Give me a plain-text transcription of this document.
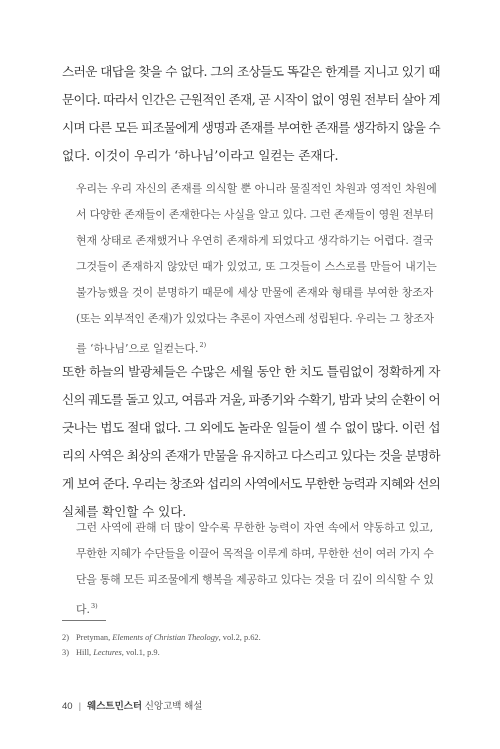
스러운 대답을 찾을 수 없다. 그의 조상들도 똑같은 한계를 지니고 있기 때
문이다. 따라서 인간은 근원적인 존재, 곧 시작이 없이 영원 전부터 살아 계
시며 다른 모든 피조물에게 생명과 존재를 부여한 존재를 생각하지 않을 수
없다. 이것이 우리가 ‘하나님’이라고 일컫는 존재다.
우리는 우리 자신의 존재를 의식할 뿐 아니라 물질적인 차원과 영적인 차원에
서 다양한 존재들이 존재한다는 사실을 알고 있다. 그런 존재들이 영원 전부터
현재 상태로 존재했거나 우연히 존재하게 되었다고 생각하기는 어렵다. 결국
그것들이 존재하지 않았던 때가 있었고, 또 그것들이 스스로를 만들어 내기는
불가능했을 것이 분명하기 때문에 세상 만물에 존재와 형태를 부여한 창조자
(또는 외부적인 존재)가 있었다는 추론이 자연스레 성립된다. 우리는 그 창조자
를 ‘하나님’으로 일컫는다.$^{2)}$
또한 하늘의 발광체들은 수많은 세월 동안 한 치도 틀림없이 정확하게 자
신의 궤도를 돌고 있고, 여름과 겨울, 파종기와 수확기, 밤과 낮의 순환이 어
긋나는 법도 절대 없다. 그 외에도 놀라운 일들이 셀 수 없이 많다. 이런 섭
리의 사역은 최상의 존재가 만물을 유지하고 다스리고 있다는 것을 분명하
게 보여 준다. 우리는 창조와 섭리의 사역에서도 무한한 능력과 지혜와 선의
실체를 확인할 수 있다.
그런 사역에 관해 더 많이 알수록 무한한 능력이 자연 속에서 약동하고 있고,
무한한 지혜가 수단들을 이끌어 목적을 이루게 하며, 무한한 선이 여러 가지 수
단을 통해 모든 피조물에게 행복을 제공하고 있다는 것을 더 깊이 의식할 수 있
다.$^{3)}$
2) Pretyman, Elements of Christian Theology, vol.2, p.62.
3) Hill, Lectures, vol.1, p.9.
40 | 웨스트민스터 신앙고백 해설
